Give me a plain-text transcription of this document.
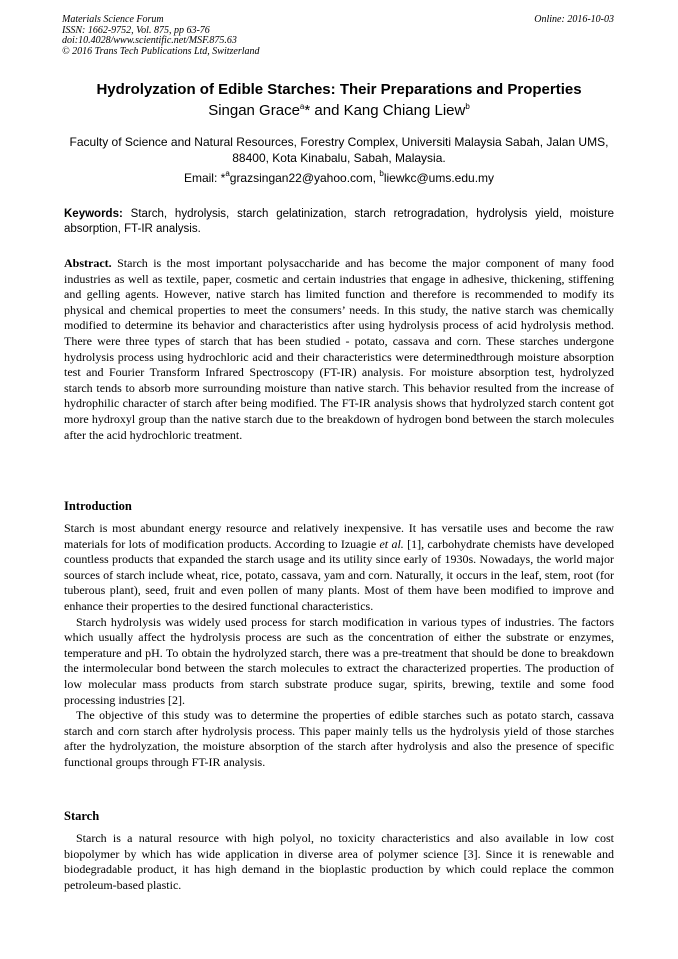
Materials Science Forum
ISSN: 1662-9752, Vol. 875, pp 63-76
doi:10.4028/www.scientific.net/MSF.875.63
© 2016 Trans Tech Publications Ltd, Switzerland
Online: 2016-10-03
Hydrolyzation of Edible Starches: Their Preparations and Properties
Singan Grace$^a$* and Kang Chiang Liew$^b$
Faculty of Science and Natural Resources, Forestry Complex, Universiti Malaysia Sabah, Jalan UMS, 88400, Kota Kinabalu, Sabah, Malaysia.
Email: *$^a$grazsingan22@yahoo.com, $^b$liewkc@ums.edu.my
Keywords: Starch, hydrolysis, starch gelatinization, starch retrogradation, hydrolysis yield, moisture absorption, FT-IR analysis.

Abstract. Starch is the most important polysaccharide and has become the major component of many food industries as well as textile, paper, cosmetic and certain industries that engage in adhesive, thickening, stiffening and gelling agents. However, native starch has limited function and therefore is recommended to modify its physical and chemical properties to meet the consumers’ needs. In this study, the native starch was chemically modified to determine its behavior and characteristics after using hydrolysis process of acid hydrolysis method. There were three types of starch that has been studied - potato, cassava and corn. These starches undergone hydrolysis process using hydrochloric acid and their characteristics were determinedthrough moisture absorption test and Fourier Transform Infrared Spectroscopy (FT-IR) analysis. For moisture absorption test, hydrolyzed starch tends to absorb more surrounding moisture than native starch. This behavior resulted from the increase of hydrophilic character of starch after being modified. The FT-IR analysis shows that hydrolyzed starch content got more hydroxyl group than the native starch due to the breakdown of hydrogen bond between the starch molecules after the acid hydrochloric treatment.

Introduction

Starch is most abundant energy resource and relatively inexpensive. It has versatile uses and become the raw materials for lots of modification products. According to Izuagie et al. [1], carbohydrate chemists have developed countless products that expanded the starch usage and its utility since early of 1930s. Nowadays, the world major sources of starch include wheat, rice, potato, cassava, yam and corn. Naturally, it occurs in the leaf, stem, root (for tuberous plant), seed, fruit and even pollen of many plants. Most of them have been modified to improve and enhance their properties to the desired functional characteristics.

Starch hydrolysis was widely used process for starch modification in various types of industries. The factors which usually affect the hydrolysis process are such as the concentration of either the substrate or enzymes, temperature and pH. To obtain the hydrolyzed starch, there was a pre-treatment that should be done to breakdown the intermolecular bond between the starch molecules to extract the characterized properties. The production of low molecular mass products from starch substrate produce sugar, spirits, brewing, textile and some food processing industries [2].

The objective of this study was to determine the properties of edible starches such as potato starch, cassava starch and corn starch after hydrolysis process. This paper mainly tells us the hydrolysis yield of those starches after the hydrolyzation, the moisture absorption of the starch after hydrolysis and also the presence of specific functional groups through FT-IR analysis.

Starch

Starch is a natural resource with high polyol, no toxicity characteristics and also available in low cost biopolymer by which has wide application in diverse area of polymer science [3]. Since it is renewable and biodegradable product, it has high demand in the bioplastic production by which could replace the common petroleum-based plastic.
